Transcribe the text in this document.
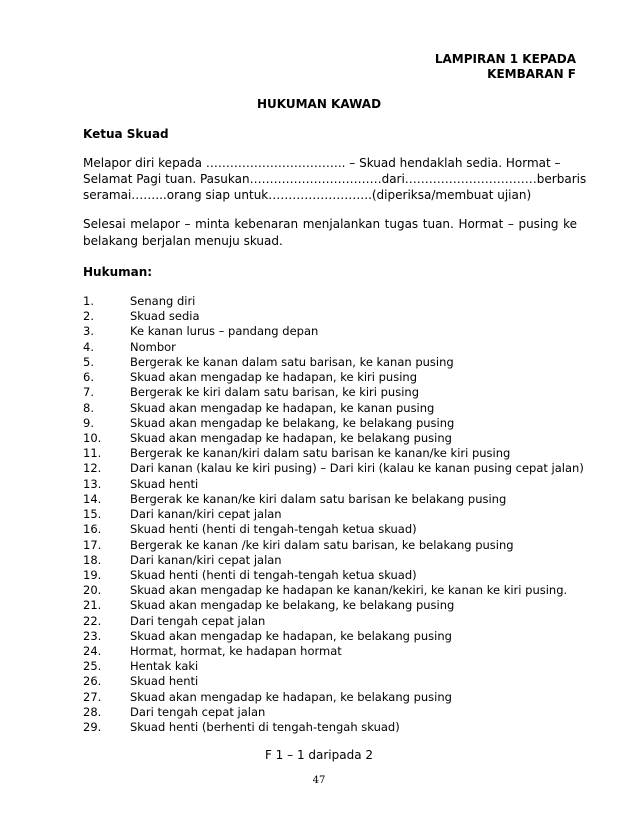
LAMPIRAN 1 KEPADA
KEMBARAN F
HUKUMAN KAWAD
Ketua Skuad
Melapor diri kepada …………………………….. – Skuad hendaklah sedia. Hormat –
Selamat Pagi tuan. Pasukan……………………………dari……………………………berbaris
seramai……...orang siap untuk……………………..(diperiksa/membuat ujian)
Selesai melapor – minta kebenaran menjalankan tugas tuan. Hormat – pusing ke belakang berjalan menuju skuad.
Hukuman:
1.	Senang diri
2.	Skuad sedia
3.	Ke kanan lurus – pandang depan
4.	Nombor
5.	Bergerak ke kanan dalam satu barisan, ke kanan pusing
6.	Skuad akan mengadap ke hadapan, ke kiri pusing
7.	Bergerak ke kiri dalam satu barisan, ke kiri pusing
8.	Skuad akan mengadap ke hadapan, ke kanan pusing
9.	Skuad akan mengadap ke belakang, ke belakang pusing
10.	Skuad akan mengadap ke hadapan, ke belakang pusing
11.	Bergerak ke kanan/kiri dalam satu barisan ke kanan/ke kiri pusing
12.	Dari kanan (kalau ke kiri pusing) – Dari kiri (kalau ke kanan pusing cepat jalan)
13.	Skuad henti
14.	Bergerak ke kanan/ke kiri dalam satu barisan ke belakang pusing
15.	Dari kanan/kiri cepat jalan
16.	Skuad henti (henti di tengah-tengah ketua skuad)
17.	Bergerak ke kanan /ke kiri dalam satu barisan, ke belakang pusing
18.	Dari kanan/kiri cepat jalan
19.	Skuad henti (henti di tengah-tengah ketua skuad)
20.	Skuad akan mengadap ke hadapan ke kanan/kekiri, ke kanan ke kiri pusing.
21.	Skuad akan mengadap ke belakang, ke belakang pusing
22.	Dari tengah cepat jalan
23.	Skuad akan mengadap ke hadapan, ke belakang pusing
24.	Hormat, hormat, ke hadapan hormat
25.	Hentak kaki
26.	Skuad henti
27.	Skuad akan mengadap ke hadapan, ke belakang pusing
28.	Dari tengah cepat jalan
29.	Skuad henti (berhenti di tengah-tengah skuad)
F 1 – 1 daripada 2
47
